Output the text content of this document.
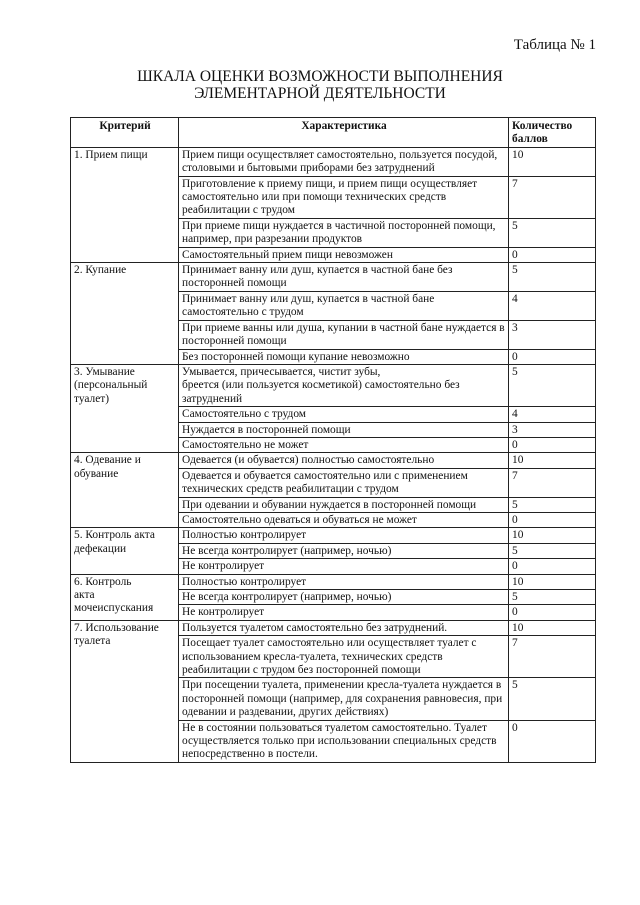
Таблица № 1
ШКАЛА ОЦЕНКИ ВОЗМОЖНОСТИ ВЫПОЛНЕНИЯ
ЭЛЕМЕНТАРНОЙ ДЕЯТЕЛЬНОСТИ
Критерий	Характеристика	Количество баллов
1. Прием пищи	Прием пищи осуществляет самостоятельно, пользуется посудой, столовыми и бытовыми приборами без затруднений	10
	Приготовление к приему пищи, и прием пищи осуществляет самостоятельно или при помощи технических средств реабилитации с трудом	7
	При приеме пищи нуждается в частичной посторонней помощи, например, при разрезании продуктов	5
	Самостоятельный прием пищи невозможен	0
2. Купание	Принимает ванну или душ, купается в частной бане без посторонней помощи	5
	Принимает ванну или душ, купается в частной бане самостоятельно с трудом	4
	При приеме ванны или душа, купании в частной бане нуждается в посторонней помощи	3
	Без посторонней помощи купание невозможно	0
3. Умывание
(персональный
туалет)	Умывается, причесывается, чистит зубы,
бреется (или пользуется косметикой) самостоятельно без затруднений	5
	Самостоятельно с трудом	4
	Нуждается в посторонней помощи	3
	Самостоятельно не может	0
4. Одевание и
обувание	Одевается (и обувается) полностью самостоятельно	10
	Одевается и обувается самостоятельно или с применением технических средств реабилитации с трудом	7
	При одевании и обувании нуждается в посторонней помощи	5
	Самостоятельно одеваться и обуваться не может	0
5. Контроль акта
дефекации	Полностью контролирует	10
	Не всегда контролирует (например, ночью)	5
	Не контролирует	0
6. Контроль
акта
мочеиспускания	Полностью контролирует	10
	Не всегда контролирует (например, ночью)	5
	Не контролирует	0
7. Использование
туалета	Пользуется туалетом самостоятельно без затруднений.	10
	Посещает туалет самостоятельно или осуществляет туалет с использованием кресла-туалета, технических средств реабилитации с трудом без посторонней помощи	7
	При посещении туалета, применении кресла-туалета нуждается в посторонней помощи (например, для сохранения равновесия, при одевании и раздевании, других действиях)	5
	Не в состоянии пользоваться туалетом самостоятельно. Туалет осуществляется только при использовании специальных средств непосредственно в постели.	0
